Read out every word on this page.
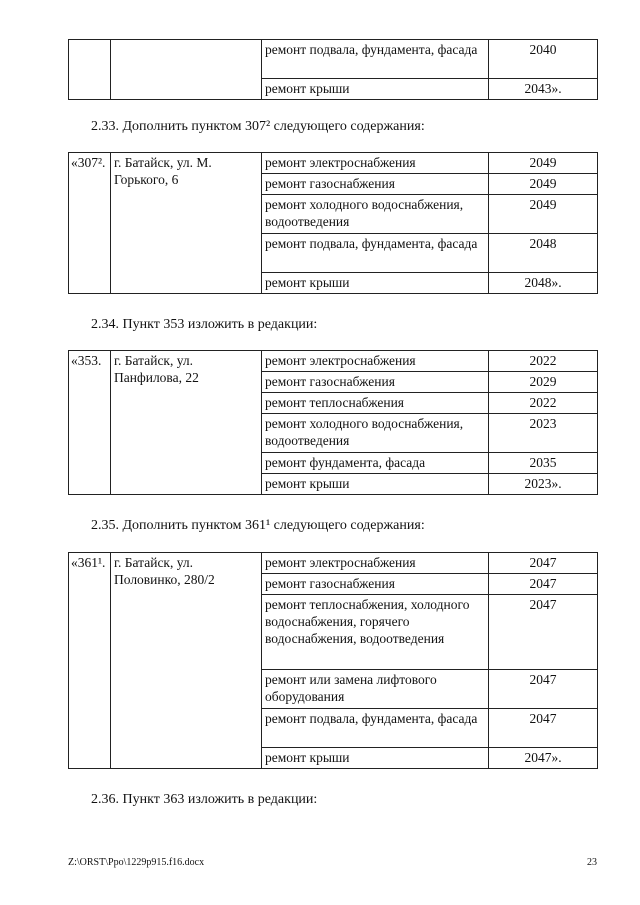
		ремонт подвала, фундамента, фасада	2040
		ремонт крыши	2043».
2.33. Дополнить пунктом 307² следующего содержания:
«307².	г. Батайск, ул. М. Горького, 6	ремонт электроснабжения	2049
		ремонт газоснабжения	2049
		ремонт холодного водоснабжения, водоотведения	2049
		ремонт подвала, фундамента, фасада	2048
		ремонт крыши	2048».
2.34. Пункт 353 изложить в редакции:
«353.	г. Батайск, ул. Панфилова, 22	ремонт электроснабжения	2022
		ремонт газоснабжения	2029
		ремонт теплоснабжения	2022
		ремонт холодного водоснабжения, водоотведения	2023
		ремонт фундамента, фасада	2035
		ремонт крыши	2023».
2.35. Дополнить пунктом 361¹ следующего содержания:
«361¹.	г. Батайск, ул. Половинко, 280/2	ремонт электроснабжения	2047
		ремонт газоснабжения	2047
		ремонт теплоснабжения, холодного водоснабжения, горячего водоснабжения, водоотведения	2047
		ремонт или замена лифтового оборудования	2047
		ремонт подвала, фундамента, фасада	2047
		ремонт крыши	2047».
2.36. Пункт 363 изложить в редакции:
Z:\ORST\Ppo\1229p915.f16.docx	23
